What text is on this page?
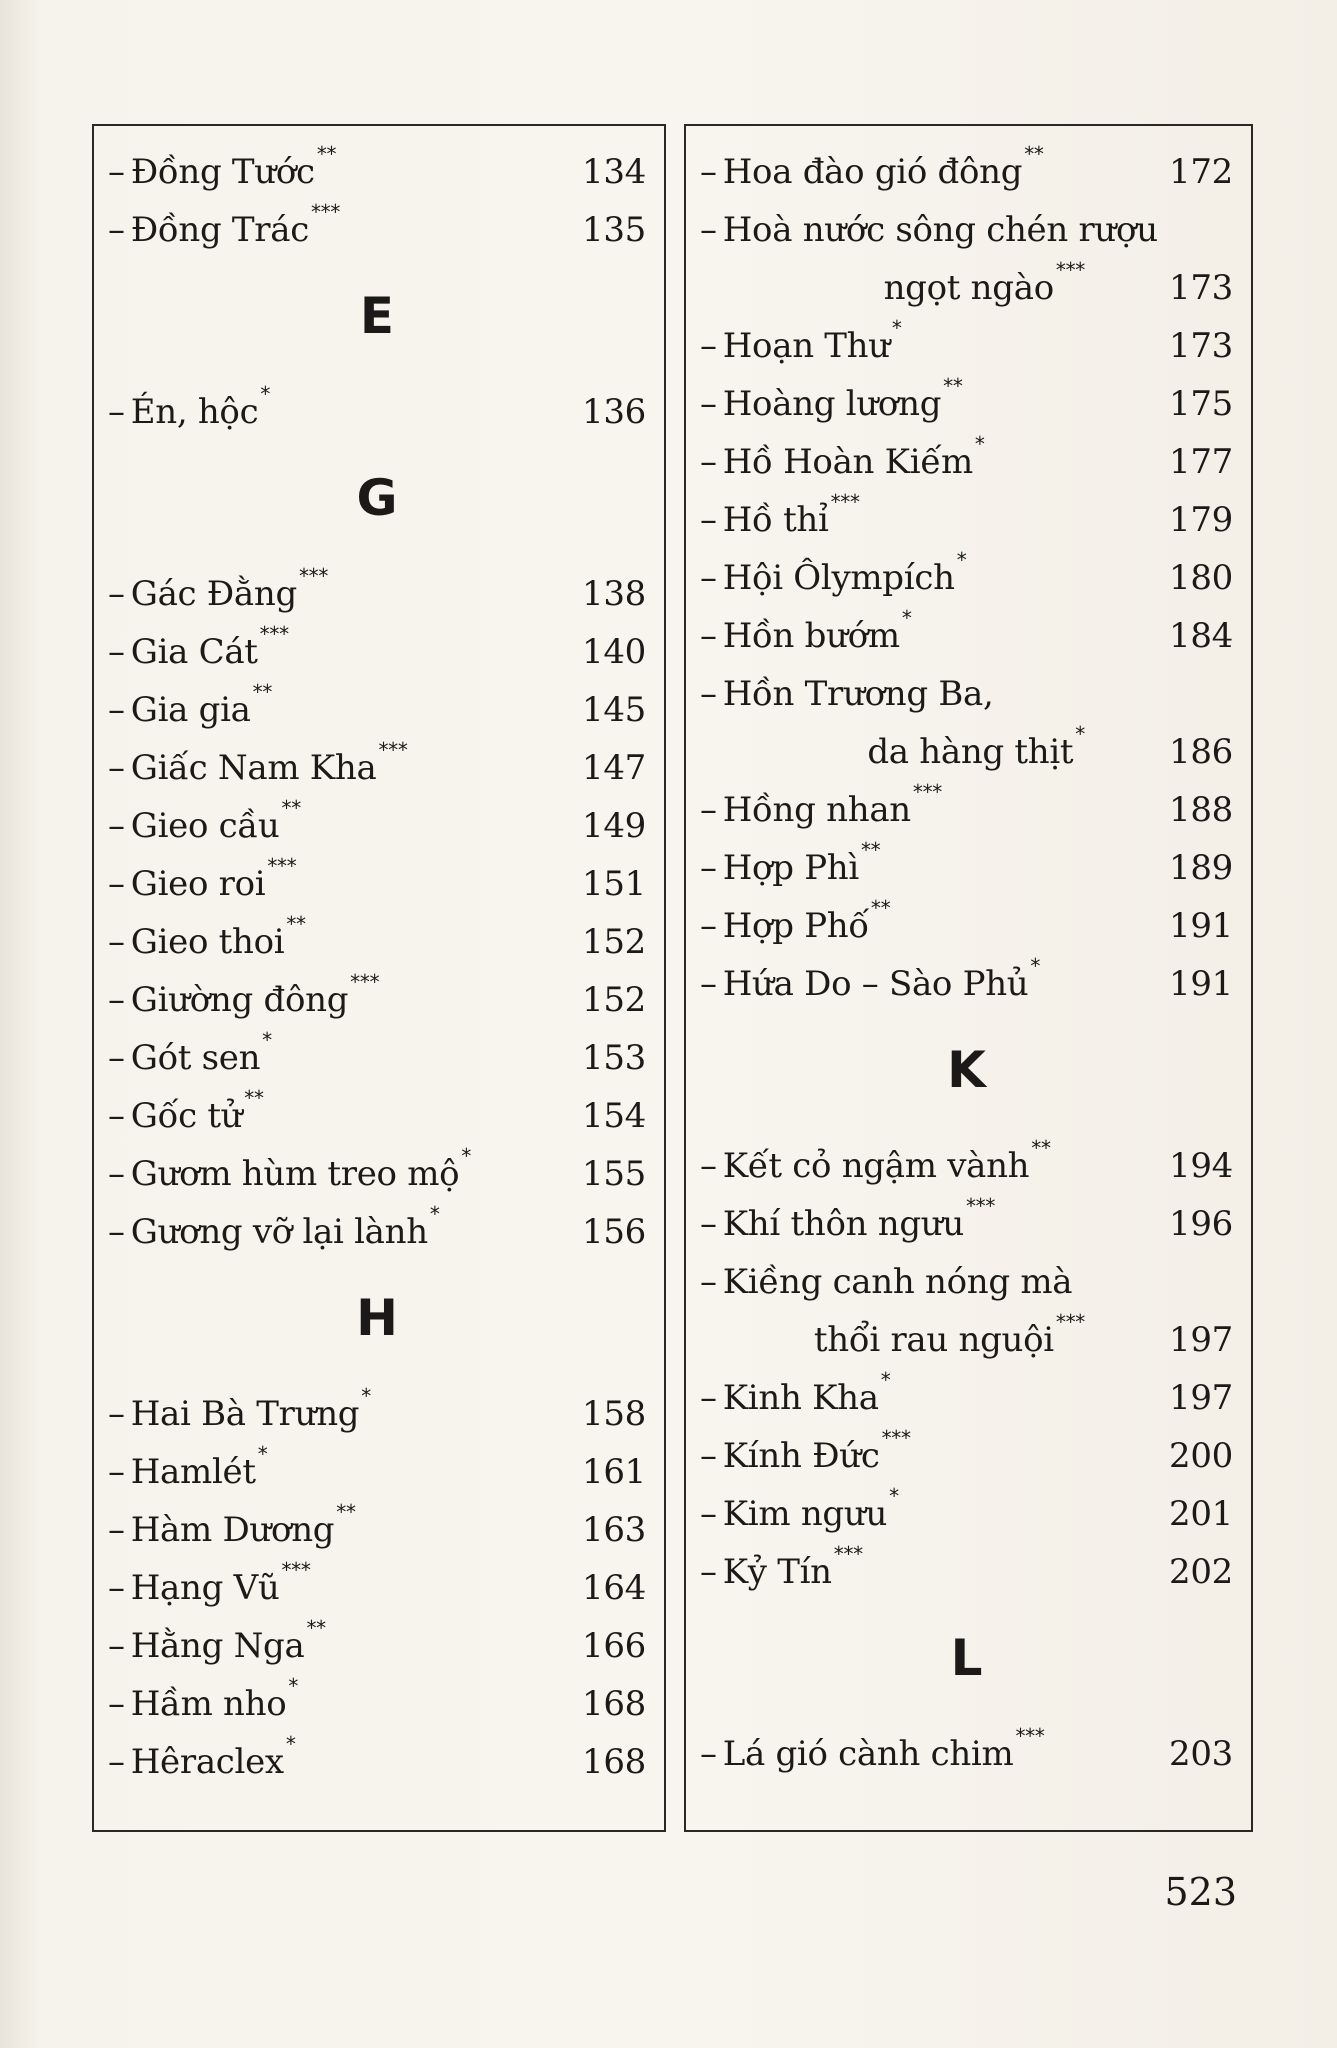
– Đồng Tước **	134
– Đồng Trác ***	135
E
– Én, hộc *	136
G
– Gác Đằng ***	138
– Gia Cát ***	140
– Gia gia **	145
– Giấc Nam Kha ***	147
– Gieo cầu **	149
– Gieo roi ***	151
– Gieo thoi **	152
– Giường đông ***	152
– Gót sen *	153
– Gốc tử **	154
– Gươm hùm treo mộ *	155
– Gương vỡ lại lành *	156
H
– Hai Bà Trưng *	158
– Hamlét *	161
– Hàm Dương **	163
– Hạng Vũ ***	164
– Hằng Nga **	166
– Hầm nho *	168
– Hêraclex *	168
– Hoa đào gió đông **	172
– Hoà nước sông chén rượu
ngọt ngào *** 173
– Hoạn Thư *	173
– Hoàng lương **	175
– Hồ Hoàn Kiếm *	177
– Hồ thỉ ***	179
– Hội Ôlympích *	180
– Hồn bướm *	184
– Hồn Trương Ba,
da hàng thịt * 186
– Hồng nhan ***	188
– Hợp Phì **	189
– Hợp Phố **	191
– Hứa Do – Sào Phủ *	191
K
– Kết cỏ ngậm vành **	194
– Khí thôn ngưu ***	196
– Kiềng canh nóng mà
thổi rau nguội *** 197
– Kinh Kha *	197
– Kính Đức ***	200
– Kim ngưu *	201
– Kỷ Tín ***	202
L
– Lá gió cành chim ***	203
523
